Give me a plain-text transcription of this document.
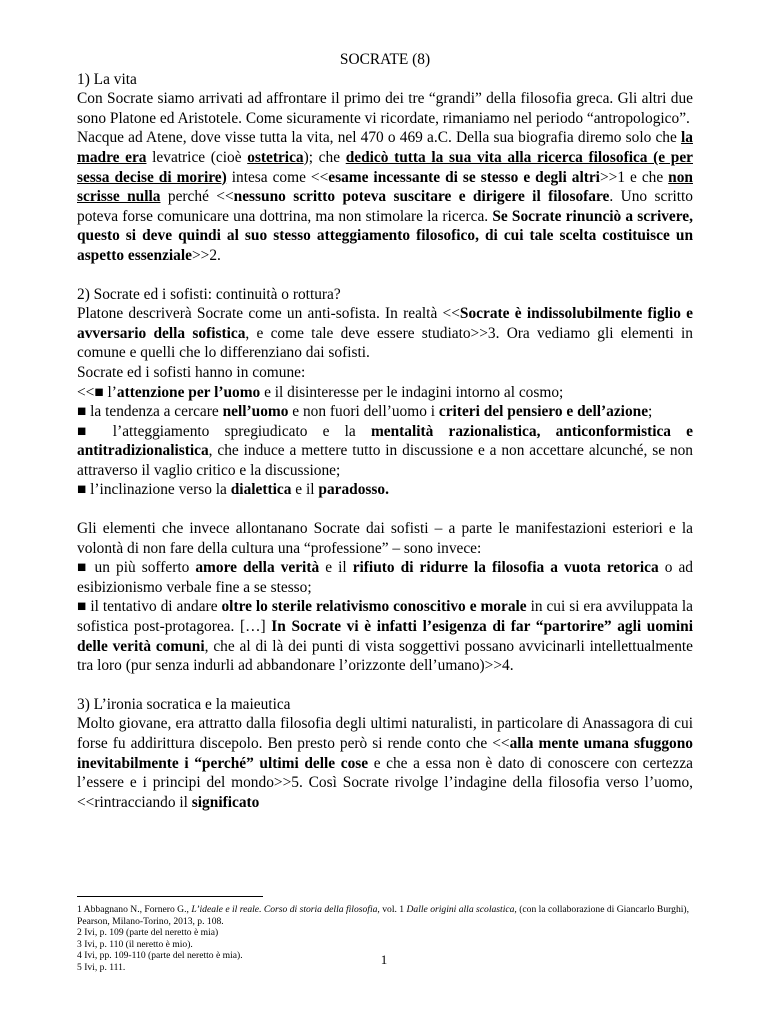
SOCRATE (8)

1) La vita

Con Socrate siamo arrivati ad affrontare il primo dei tre “grandi” della filosofia greca. Gli altri due sono Platone ed Aristotele. Come sicuramente vi ricordate, rimaniamo nel periodo “antropologico”.

Nacque ad Atene, dove visse tutta la vita, nel 470 o 469 a.C. Della sua biografia diremo solo che la madre era levatrice (cioè ostetrica); che dedicò tutta la sua vita alla ricerca filosofica (e per sessa decise di morire) intesa come <<esame incessante di se stesso e degli altri>>1 e che non scrisse nulla perché <<nessuno scritto poteva suscitare e dirigere il filosofare. Uno scritto poteva forse comunicare una dottrina, ma non stimolare la ricerca. Se Socrate rinunciò a scrivere, questo si deve quindi al suo stesso atteggiamento filosofico, di cui tale scelta costituisce un aspetto essenziale>>2.

2) Socrate ed i sofisti: continuità o rottura?

Platone descriverà Socrate come un anti-sofista. In realtà <<Socrate è indissolubilmente figlio e avversario della sofistica, e come tale deve essere studiato>>3. Ora vediamo gli elementi in comune e quelli che lo differenziano dai sofisti.

Socrate ed i sofisti hanno in comune:

<<■ l’attenzione per l’uomo e il disinteresse per le indagini intorno al cosmo;

■ la tendenza a cercare nell’uomo e non fuori dell’uomo i criteri del pensiero e dell’azione;

■ l’atteggiamento spregiudicato e la mentalità razionalistica, anticonformistica e antitradizionalistica, che induce a mettere tutto in discussione e a non accettare alcunché, se non attraverso il vaglio critico e la discussione;

■ l’inclinazione verso la dialettica e il paradosso.

Gli elementi che invece allontanano Socrate dai sofisti – a parte le manifestazioni esteriori e la volontà di non fare della cultura una “professione” – sono invece:

■ un più sofferto amore della verità e il rifiuto di ridurre la filosofia a vuota retorica o ad esibizionismo verbale fine a se stesso;

■ il tentativo di andare oltre lo sterile relativismo conoscitivo e morale in cui si era avviluppata la sofistica post-protagorea. […] In Socrate vi è infatti l’esigenza di far “partorire” agli uomini delle verità comuni, che al di là dei punti di vista soggettivi possano avvicinarli intellettualmente tra loro (pur senza indurli ad abbandonare l’orizzonte dell’umano)>>4.

3) L’ironia socratica e la maieutica

Molto giovane, era attratto dalla filosofia degli ultimi naturalisti, in particolare di Anassagora di cui forse fu addirittura discepolo. Ben presto però si rende conto che <<alla mente umana sfuggono inevitabilmente i “perché” ultimi delle cose e che a essa non è dato di conoscere con certezza l’essere e i principi del mondo>>5. Così Socrate rivolge l’indagine della filosofia verso l’uomo, <<rintracciando il significato

1 Abbagnano N., Fornero G., L’ideale e il reale. Corso di storia della filosofia, vol. 1 Dalle origini alla scolastica, (con la collaborazione di Giancarlo Burghi), Pearson, Milano-Torino, 2013, p. 108.

2 Ivi, p. 109 (parte del neretto è mia)

3 Ivi, p. 110 (il neretto è mio).

4 Ivi, pp. 109-110 (parte del neretto è mia).

5 Ivi, p. 111.

1
